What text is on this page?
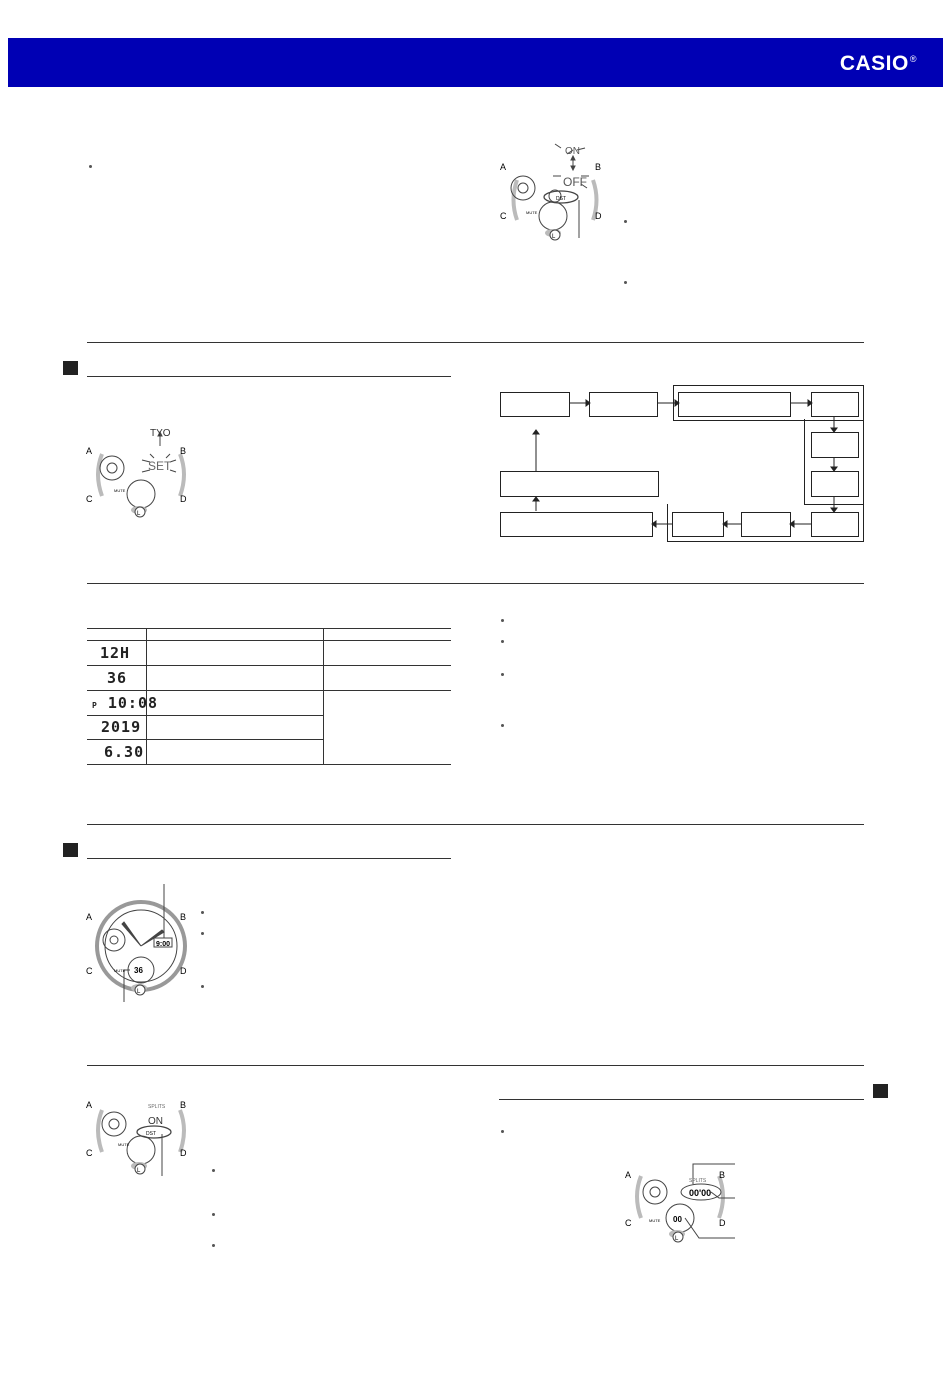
CASIO®
A	B
C	D
L
MUTE
DST
ON
OFF
A	B
C	D
L
MUTE
TYO
SET
12H
36
P 10:08
2019
6.30
A	B
C	D
L
MUTE
9:00
36
A	B
C	D
L
MUTE
SPLITS
ON
DST
A	B
C	D
L
MUTE
SPLITS
00'00
00
